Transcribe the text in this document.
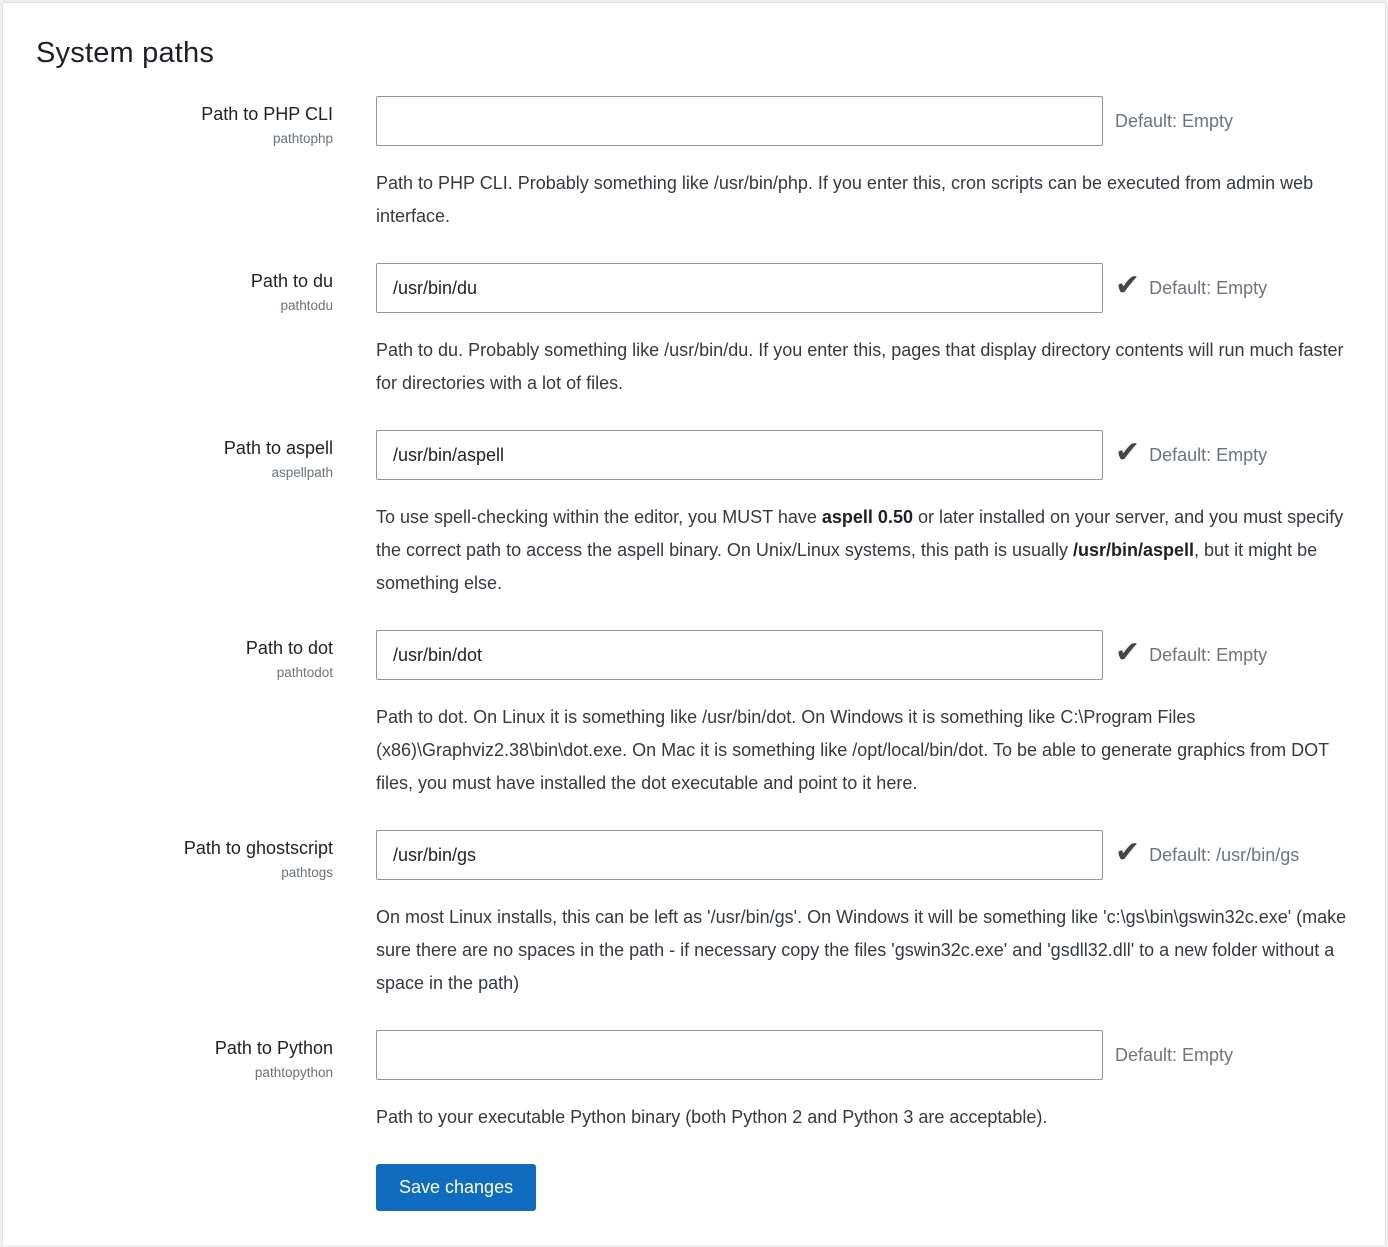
System paths
Path to PHP CLI
pathtophp
Default: Empty
Path to PHP CLI. Probably something like /usr/bin/php. If you enter this, cron scripts can be executed from admin web interface.
Path to du
pathtodu
/usr/bin/du
✔ Default: Empty
Path to du. Probably something like /usr/bin/du. If you enter this, pages that display directory contents will run much faster for directories with a lot of files.
Path to aspell
aspellpath
/usr/bin/aspell
✔ Default: Empty
To use spell-checking within the editor, you MUST have aspell 0.50 or later installed on your server, and you must specify the correct path to access the aspell binary. On Unix/Linux systems, this path is usually /usr/bin/aspell, but it might be something else.
Path to dot
pathtodot
/usr/bin/dot
✔ Default: Empty
Path to dot. On Linux it is something like /usr/bin/dot. On Windows it is something like C:\Program Files (x86)\Graphviz2.38\bin\dot.exe. On Mac it is something like /opt/local/bin/dot. To be able to generate graphics from DOT files, you must have installed the dot executable and point to it here.
Path to ghostscript
pathtogs
/usr/bin/gs
✔ Default: /usr/bin/gs
On most Linux installs, this can be left as '/usr/bin/gs'. On Windows it will be something like 'c:\gs\bin\gswin32c.exe' (make sure there are no spaces in the path - if necessary copy the files 'gswin32c.exe' and 'gsdll32.dll' to a new folder without a space in the path)
Path to Python
pathtopython
Default: Empty
Path to your executable Python binary (both Python 2 and Python 3 are acceptable).
Save changes
